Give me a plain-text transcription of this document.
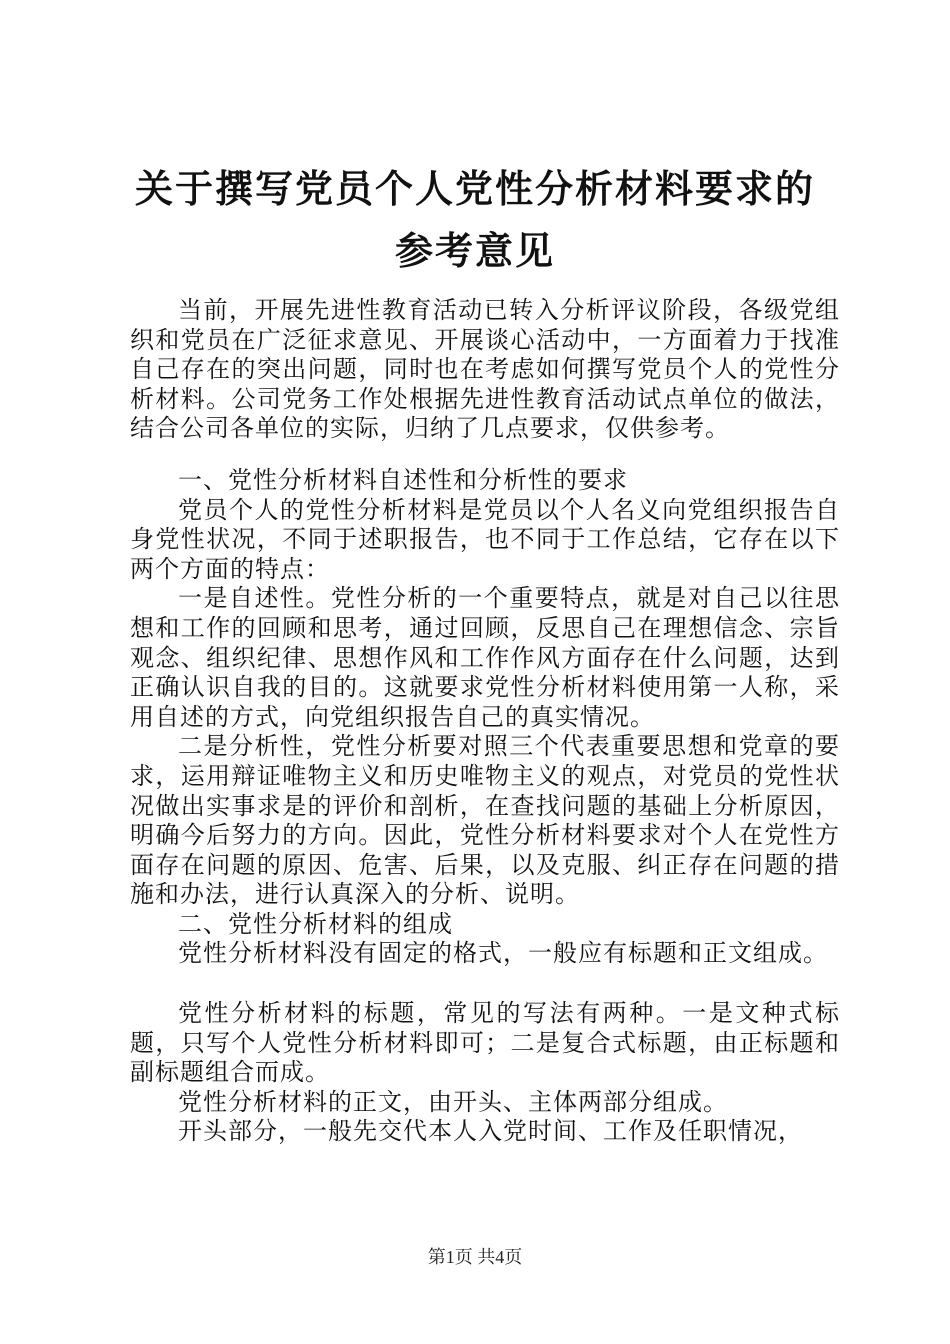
关于撰写党员个人党性分析材料要求的参考意见

当前，开展先进性教育活动已转入分析评议阶段，各级党组织和党员在广泛征求意见、开展谈心活动中，一方面着力于找准自己存在的突出问题，同时也在考虑如何撰写党员个人的党性分析材料。公司党务工作处根据先进性教育活动试点单位的做法，结合公司各单位的实际，归纳了几点要求，仅供参考。

一、党性分析材料自述性和分析性的要求

党员个人的党性分析材料是党员以个人名义向党组织报告自身党性状况，不同于述职报告，也不同于工作总结，它存在以下两个方面的特点：

一是自述性。党性分析的一个重要特点，就是对自己以往思想和工作的回顾和思考，通过回顾，反思自己在理想信念、宗旨观念、组织纪律、思想作风和工作作风方面存在什么问题，达到正确认识自我的目的。这就要求党性分析材料使用第一人称，采用自述的方式，向党组织报告自己的真实情况。

二是分析性，党性分析要对照三个代表重要思想和党章的要求，运用辩证唯物主义和历史唯物主义的观点，对党员的党性状况做出实事求是的评价和剖析，在查找问题的基础上分析原因，明确今后努力的方向。因此，党性分析材料要求对个人在党性方面存在问题的原因、危害、后果，以及克服、纠正存在问题的措施和办法，进行认真深入的分析、说明。

二、党性分析材料的组成

党性分析材料没有固定的格式，一般应有标题和正文组成。

党性分析材料的标题，常见的写法有两种。一是文种式标题，只写个人党性分析材料即可；二是复合式标题，由正标题和副标题组合而成。

党性分析材料的正文，由开头、主体两部分组成。

开头部分，一般先交代本人入党时间、工作及任职情况，

第1页 共4页
